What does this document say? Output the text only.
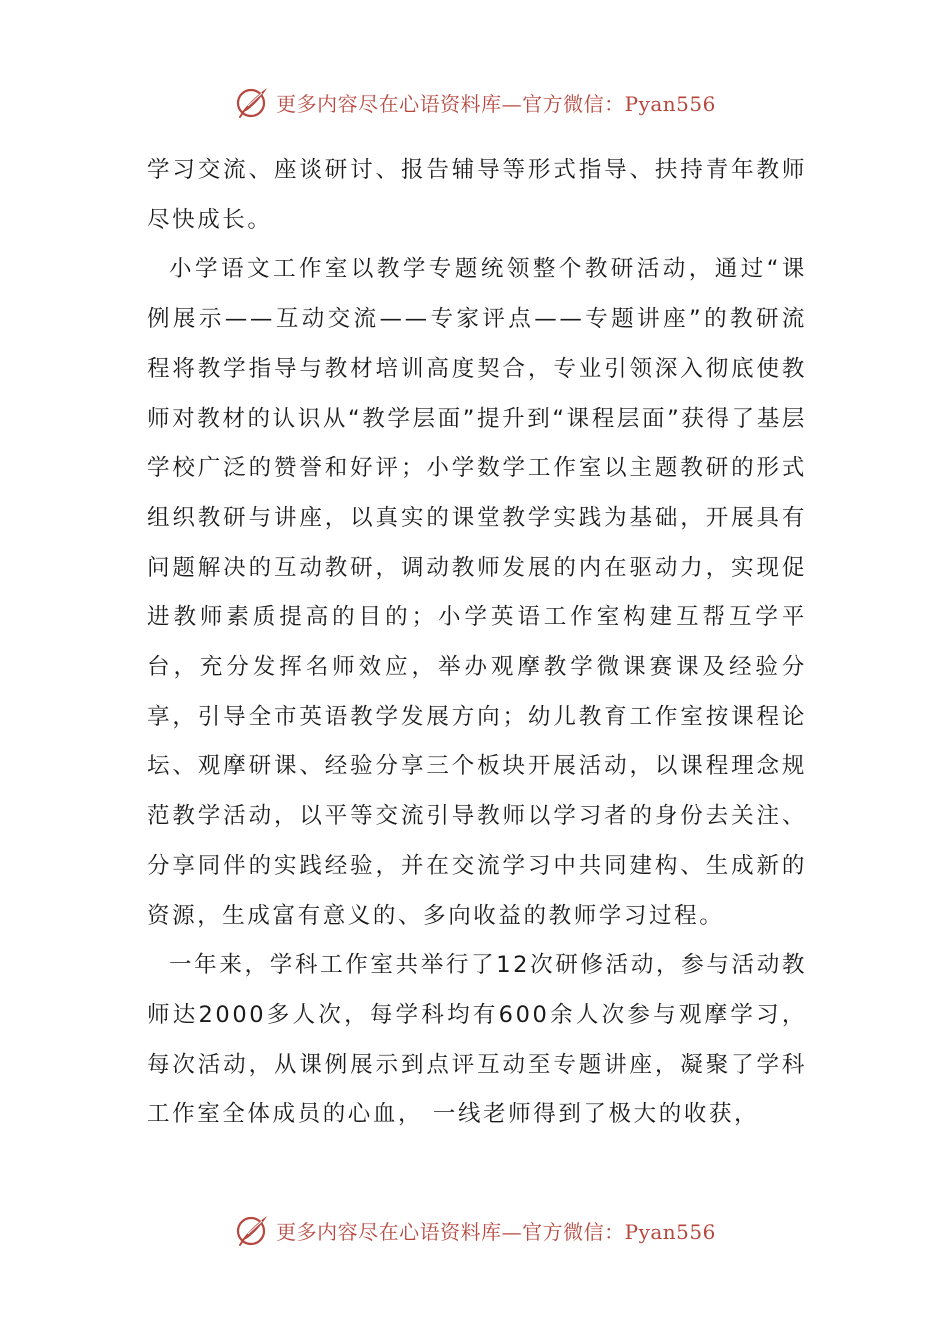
更多内容尽在心语资料库—官方微信：Pyan556

学习交流、座谈研讨、报告辅导等形式指导、扶持青年教师尽快成长。

小学语文工作室以教学专题统领整个教研活动，通过“课例展示——互动交流——专家评点——专题讲座”的教研流程将教学指导与教材培训高度契合，专业引领深入彻底使教师对教材的认识从“教学层面”提升到“课程层面”获得了基层学校广泛的赞誉和好评；小学数学工作室以主题教研的形式组织教研与讲座，以真实的课堂教学实践为基础，开展具有问题解决的互动教研，调动教师发展的内在驱动力，实现促进教师素质提高的目的；小学英语工作室构建互帮互学平台，充分发挥名师效应，举办观摩教学微课赛课及经验分享，引导全市英语教学发展方向；幼儿教育工作室按课程论坛、观摩研课、经验分享三个板块开展活动，以课程理念规范教学活动，以平等交流引导教师以学习者的身份去关注、分享同伴的实践经验，并在交流学习中共同建构、生成新的资源，生成富有意义的、多向收益的教师学习过程。

一年来，学科工作室共举行了12次研修活动，参与活动教师达2000多人次，每学科均有600余人次参与观摩学习，每次活动，从课例展示到点评互动至专题讲座，凝聚了学科工作室全体成员的心血， 一线老师得到了极大的收获，

更多内容尽在心语资料库—官方微信：Pyan556
